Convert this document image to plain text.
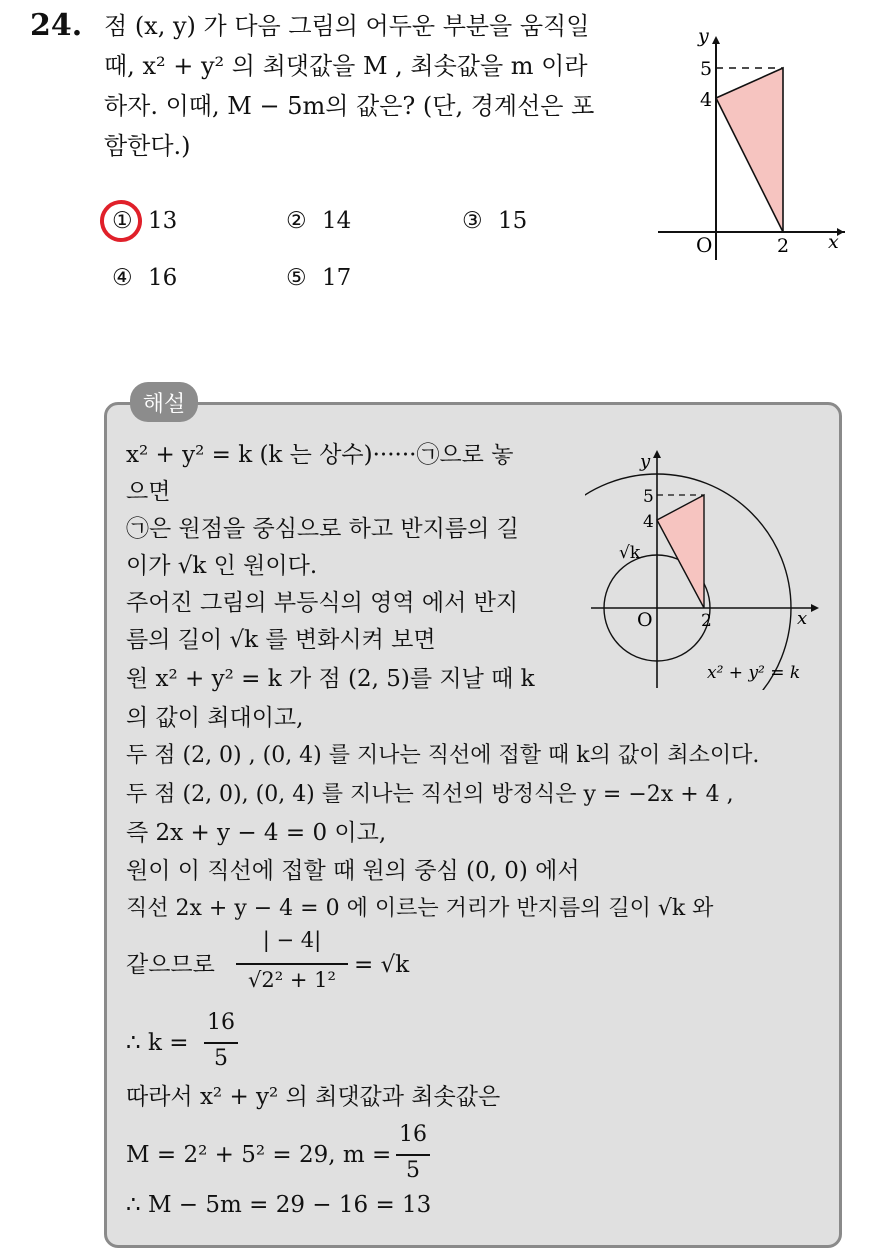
24. 점 (x, y) 가 다음 그림의 어두운 부분을 움직일
때, x² + y² 의 최댓값을 M , 최솟값을 m 이라
하자. 이때, M − 5m의 값은? (단, 경계선은 포
함한다.)
① 13	② 14	③ 15
④ 16	⑤ 17
y
x
O
5
4
2
해설
x² + y² = k (k 는 상수)······㉠으로 놓
으면
㉠은 원점을 중심으로 하고 반지름의 길
이가 √k 인 원이다.
주어진 그림의 부등식의 영역 에서 반지
름의 길이 √k 를 변화시켜 보면
원 x² + y² = k 가 점 (2, 5)를 지날 때 k
의 값이 최대이고,
두 점 (2, 0) , (0, 4) 를 지나는 직선에 접할 때 k의 값이 최소이다.
두 점 (2, 0), (0, 4) 를 지나는 직선의 방정식은 y = −2x + 4 ,
즉 2x + y − 4 = 0 이고,
원이 이 직선에 접할 때 원의 중심 (0, 0) 에서
직선 2x + y − 4 = 0 에 이르는 거리가 반지름의 길이 √k 와
같으므로
| − 4|
√2² + 1²
= √k
∴ k =
16
5
따라서 x² + y² 의 최댓값과 최솟값은
M = 2² + 5² = 29, m =
16
5
∴ M − 5m = 29 − 16 = 13
y
x
O
5
4
2
√k
x² + y² = k
